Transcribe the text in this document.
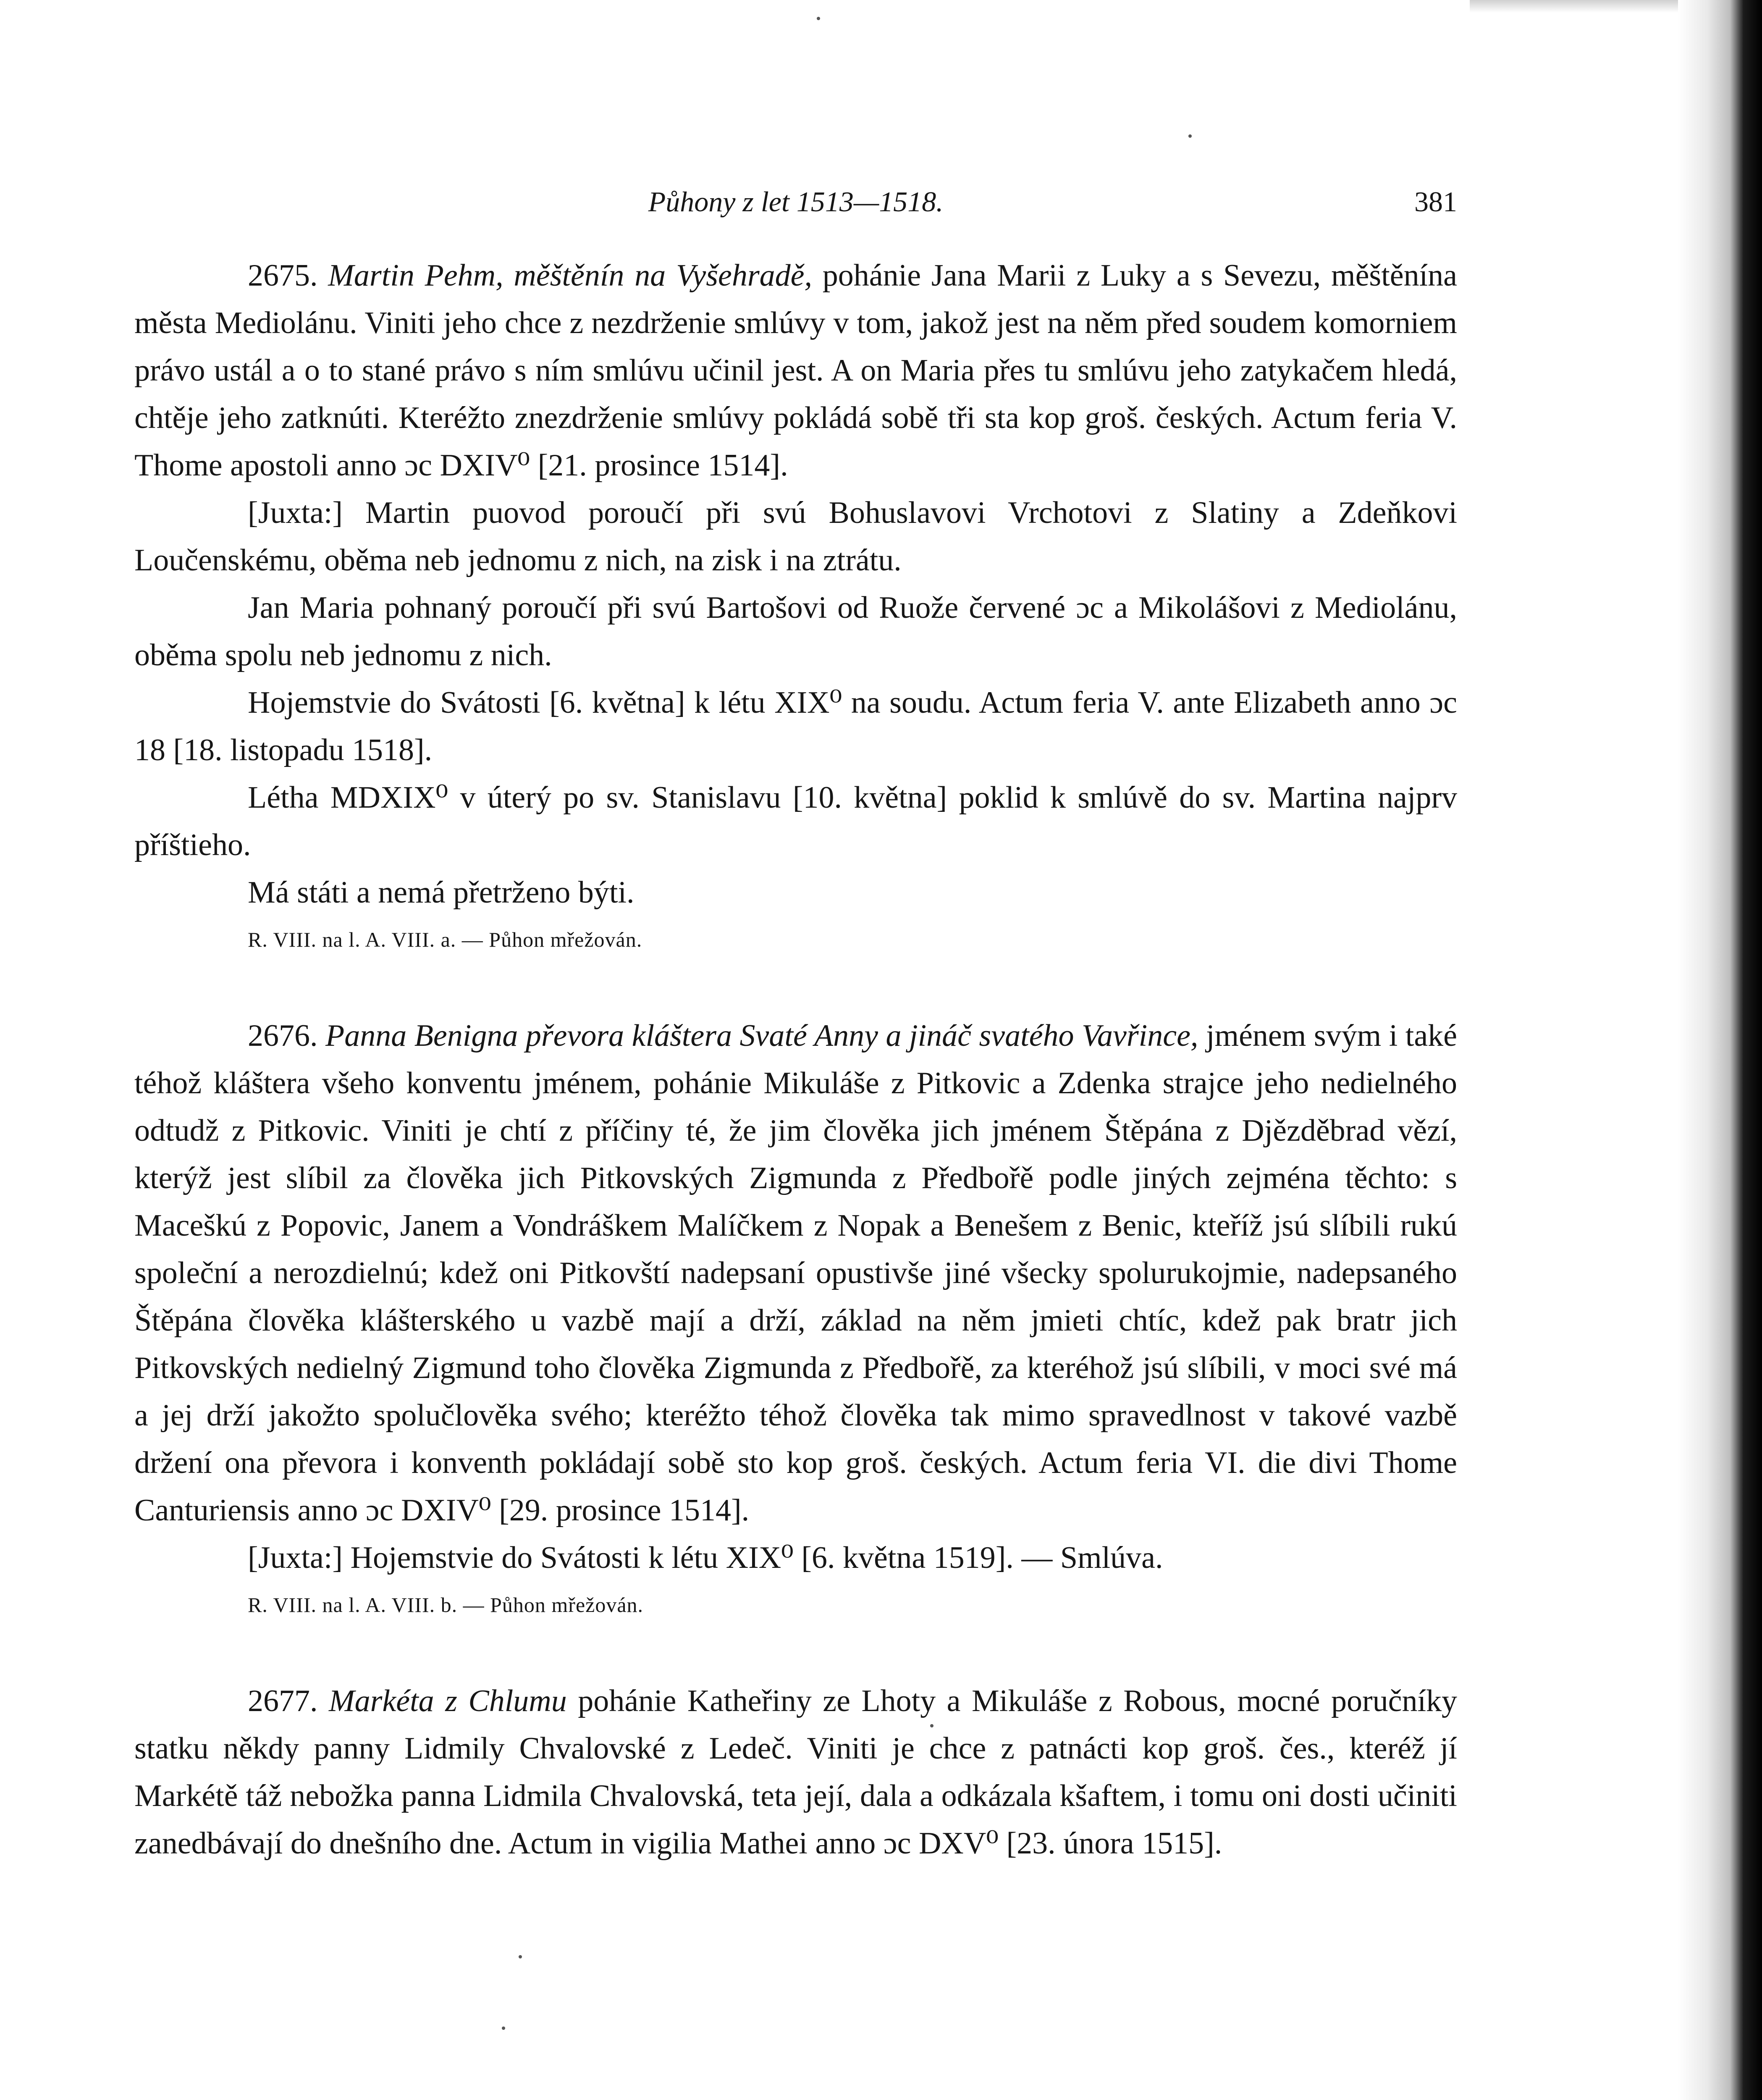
Půhony z let 1513—1518.	381

2675. Martin Pehm, měštěnín na Vyšehradě, pohánie Jana Marii z Luky a s Sevezu, měštěnína města Mediolánu. Viniti jeho chce z nezdrženie smlúvy v tom, jakož jest na něm před soudem komorniem právo ustál a o to stané právo s ním smlúvu učinil jest. A on Maria přes tu smlúvu jeho zatykačem hledá, chtěje jeho zatknúti. Kteréžto znezdrženie smlúvy pokládá sobě tři sta kop groš. českých. Actum feria V. Thome apostoli anno ɔc DXIV⁰ [21. prosince 1514].

[Juxta:] Martin puovod poroučí při svú Bohuslavovi Vrchotovi z Slatiny a Zdeňkovi Loučenskému, oběma neb jednomu z nich, na zisk i na ztrátu.

Jan Maria pohnaný poroučí při svú Bartošovi od Ruože červené ɔc a Mikolášovi z Mediolánu, oběma spolu neb jednomu z nich.

Hojemstvie do Svátosti [6. května] k létu XIX⁰ na soudu. Actum feria V. ante Elizabeth anno ɔc 18 [18. listopadu 1518].

Létha MDXIX⁰ v úterý po sv. Stanislavu [10. května] poklid k smlúvě do sv. Martina najprv příštieho.

Má státi a nemá přetrženo býti.

R. VIII. na l. A. VIII. a. — Půhon mřežován.

2676. Panna Benigna převora kláštera Svaté Anny a jináč svatého Vavřince, jménem svým i také téhož kláštera všeho konventu jménem, pohánie Mikuláše z Pitkovic a Zdenka strajce jeho nedielného odtudž z Pitkovic. Viniti je chtí z příčiny té, že jim člověka jich jménem Štěpána z Djězděbrad vězí, kterýž jest slíbil za člověka jich Pitkovských Zigmunda z Předbořě podle jiných zejména těchto: s Maceškú z Popovic, Janem a Vondráškem Malíčkem z Nopak a Benešem z Benic, kteříž jsú slíbili rukú společní a nerozdielnú; kdež oni Pitkovští nadepsaní opustivše jiné všecky spolurukojmie, nadepsaného Štěpána člověka klášterského u vazbě mají a drží, základ na něm jmieti chtíc, kdež pak bratr jich Pitkovských nedielný Zigmund toho člověka Zigmunda z Předbořě, za kteréhož jsú slíbili, v moci své má a jej drží jakožto spolučlověka svého; kteréžto téhož člověka tak mimo spravedlnost v takové vazbě držení ona převora i konventh pokládají sobě sto kop groš. českých. Actum feria VI. die divi Thome Canturiensis anno ɔc DXIV⁰ [29. prosince 1514].

[Juxta:] Hojemstvie do Svátosti k létu XIX⁰ [6. května 1519]. — Smlúva.

R. VIII. na l. A. VIII. b. — Půhon mřežován.

2677. Markéta z Chlumu pohánie Katheřiny ze Lhoty a Mikuláše z Robous, mocné poručníky statku někdy panny Lidmily Chvalovské z Ledeč. Viniti je chce z patnácti kop groš. čes., kteréž jí Markétě táž nebožka panna Lidmila Chvalovská, teta její, dala a odkázala kšaftem, i tomu oni dosti učiniti zanedbávají do dnešního dne. Actum in vigilia Mathei anno ɔc DXV⁰ [23. února 1515].
